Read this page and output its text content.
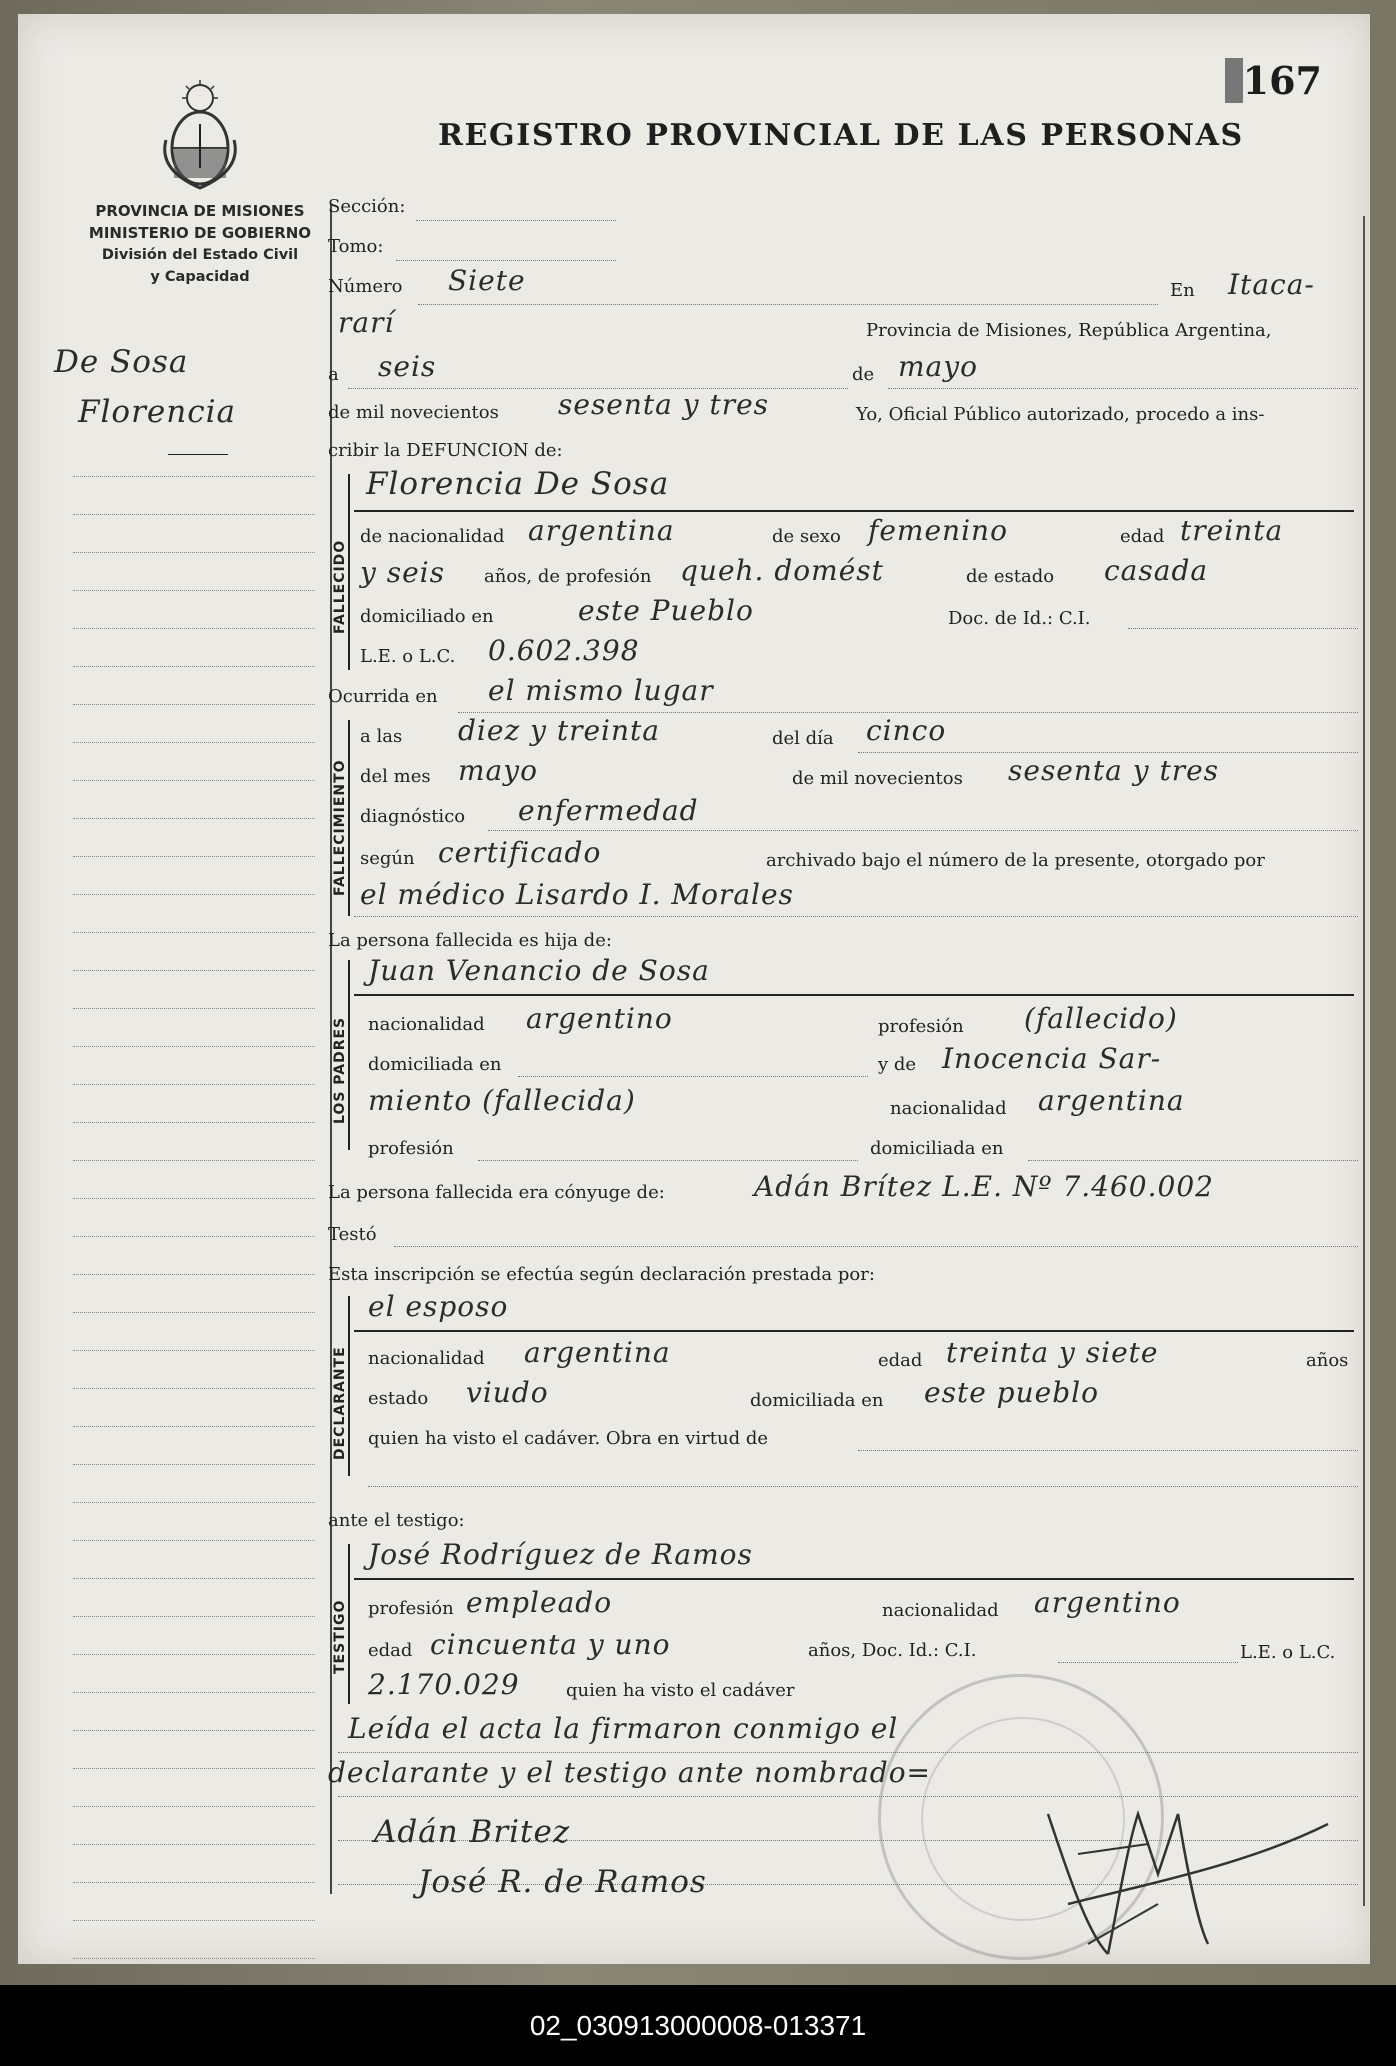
167
REGISTRO PROVINCIAL DE LAS PERSONAS
PROVINCIA DE MISIONES
MINISTERIO DE GOBIERNO
División del Estado Civil
y Capacidad
De Sosa
Florencia
Sección:
Tomo:
Número Siete	En Itaca-
rarí	Provincia de Misiones, República Argentina,
a seis	de mayo
de mil novecientos sesenta y tres	Yo, Oficial Público autorizado, procedo a ins-
cribir la DEFUNCION de:
FALLECIDO
Florencia De Sosa
de nacionalidad argentina	de sexo femenino	edad treinta
y seis años, de profesión queh. domést	de estado casada
domiciliado en	este Pueblo	Doc. de Id.: C.I.
L.E. o L.C. 0.602.398
Ocurrida en el mismo lugar
FALLECIMIENTO
a las diez y treinta	del día cinco
del mes mayo	de mil novecientos sesenta y tres
diagnóstico enfermedad
según certificado	archivado bajo el número de la presente, otorgado por
el médico Lisardo I. Morales
La persona fallecida es hija de:
LOS PADRES
Juan Venancio de Sosa
nacionalidad argentino	profesión (fallecido)
domiciliada en	y de Inocencia Sar-
miento (fallecida)	nacionalidad argentina
profesión	domiciliada en
La persona fallecida era cónyuge de:	Adán Brítez L.E. Nº 7.460.002
Testó
Esta inscripción se efectúa según declaración prestada por:
DECLARANTE
el esposo
nacionalidad argentina	edad treinta y siete	años
estado viudo	domiciliada en este pueblo
quien ha visto el cadáver. Obra en virtud de
ante el testigo:
TESTIGO
José Rodríguez de Ramos
profesión empleado	nacionalidad argentino
edad cincuenta y uno	años, Doc. Id.: C.I.	L.E. o L.C.
2.170.029	quien ha visto el cadáver
Leída el acta la firmaron conmigo el
declarante y el testigo ante nombrado=
Adán Britez
José R. de Ramos
02_030913000008-013371
